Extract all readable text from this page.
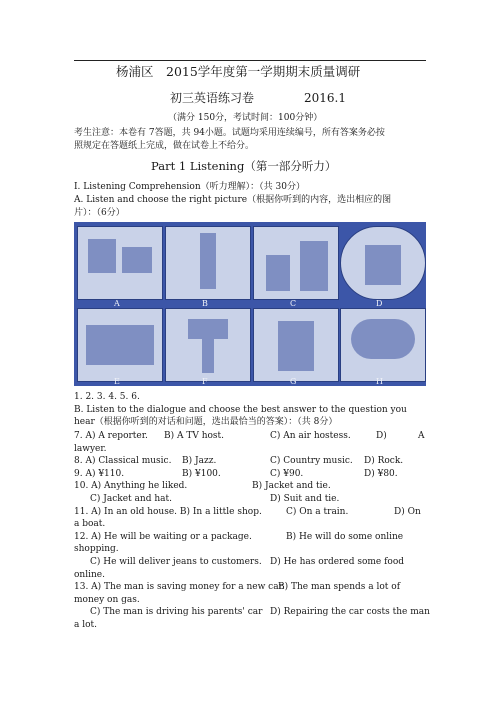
杨浦区　2015学年度第一学期期末质量调研
初三英语练习卷	2016.1
（满分 150分，考试时间：100分钟）
考生注意：本卷有 7答题，共 94小题。试题均采用连续编号，所有答案务必按
照规定在答题纸上完成，做在试卷上不给分。
Part 1 Listening（第一部分听力）
I. Listening Comprehension（听力理解）：（共 30分）
A. Listen and choose the right picture（根据你听到的内容，选出相应的图
片）：（6分）
A	B	C	D
E	F	G	H
1. 2. 3. 4. 5. 6.
B. Listen to the dialogue and choose the best answer to the question you
hear（根据你听到的对话和问题，选出最恰当的答案）：（共 8分）
7. A) A reporter. B) A TV host.	C) An air hostess.	D)	A
lawyer.
8. A) Classical music. B) Jazz.	C) Country music. D) Rock.
9. A) ¥110.	B) ¥100.	C) ¥90.	D) ¥80.
10. A) Anything he liked.	B) Jacket and tie.
C) Jacket and hat.	D) Suit and tie.
11. A) In an old house. B) In a little shop.	C) On a train.	D) On
a boat.
12. A) He will be waiting or a package.	B) He will do some online
shopping.
C) He will deliver jeans to customers. D) He has ordered some food
online.
13. A) The man is saving money for a new car.
B) The man spends a lot of
money on gas.
C) The man is driving his parents' car D) Repairing the car costs the man
a lot.
